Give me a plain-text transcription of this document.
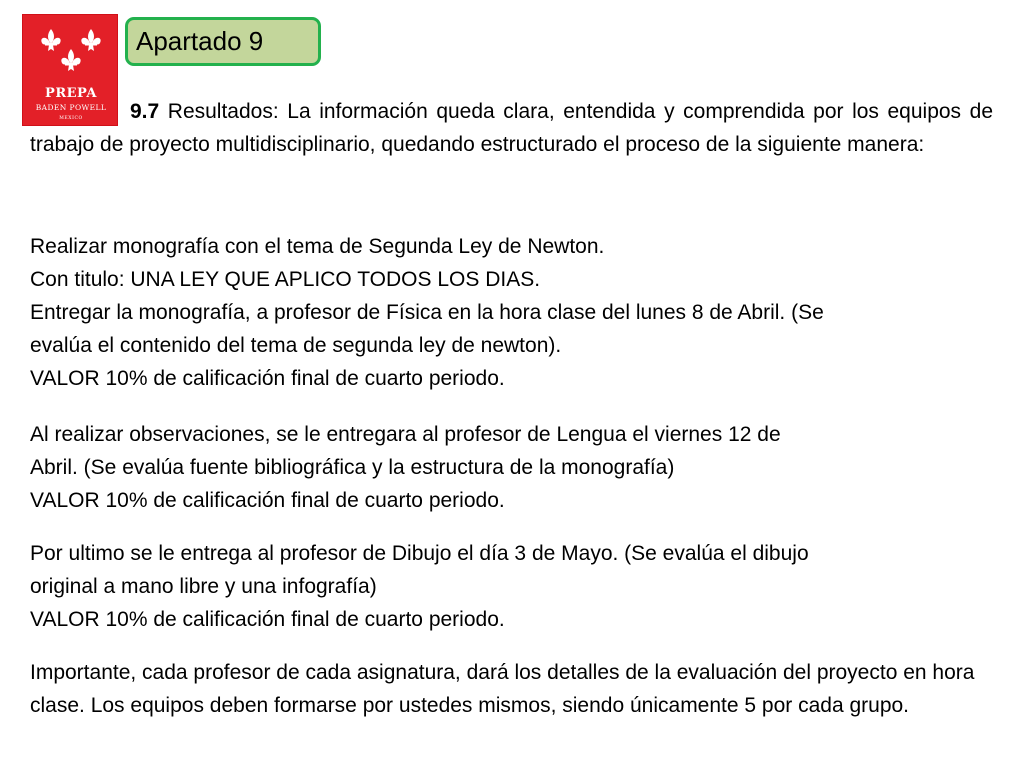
PREPA
BADEN POWELL
MEXICO
Apartado 9

9.7 Resultados: La información queda clara, entendida y comprendida por los equipos de trabajo de proyecto multidisciplinario, quedando estructurado el proceso de la siguiente manera:

Realizar monografía con el tema de Segunda Ley de Newton.
Con titulo: UNA LEY QUE APLICO TODOS LOS DIAS.
Entregar la monografía, a profesor de Física en la hora clase del lunes 8 de Abril. (Se
evalúa el contenido del tema de segunda ley de newton).
VALOR 10% de calificación final de cuarto periodo.
Al realizar observaciones, se le entregara al profesor de Lengua el viernes 12 de
Abril. (Se evalúa fuente bibliográfica y la estructura de la monografía)
VALOR 10% de calificación final de cuarto periodo.
Por ultimo se le entrega al profesor de Dibujo el día 3 de Mayo. (Se evalúa el dibujo
original a mano libre y una infografía)
VALOR 10% de calificación final de cuarto periodo.

Importante, cada profesor de cada asignatura, dará los detalles de la evaluación del proyecto en hora clase. Los equipos deben formarse por ustedes mismos, siendo únicamente 5 por cada grupo.
